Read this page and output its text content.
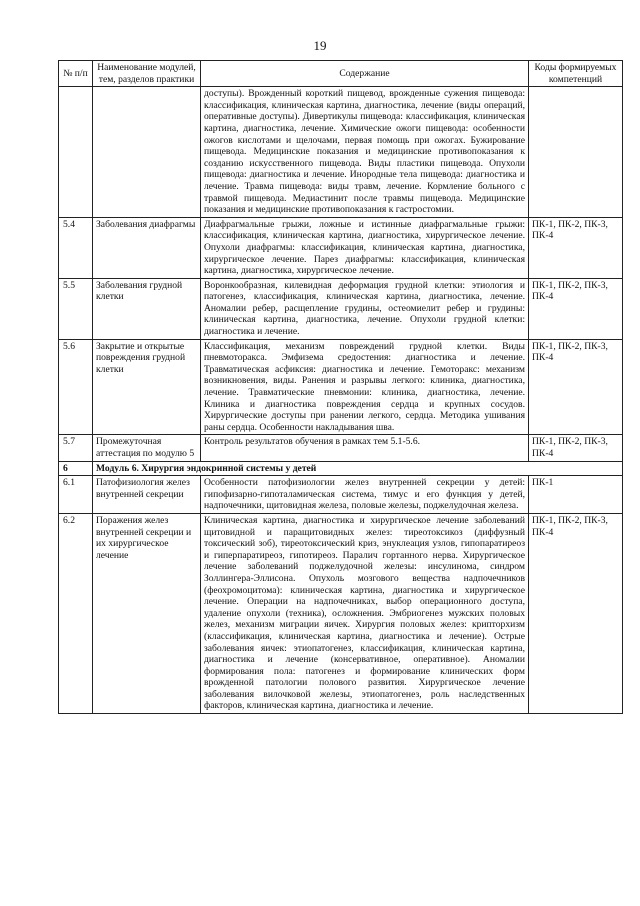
19
№ п/п	Наименование модулей, тем, разделов практики	Содержание	Коды формируемых компетенций
		доступы). Врожденный короткий пищевод, врожденные сужения пищевода: классификация, клиническая картина, диагностика, лечение (виды операций, оперативные доступы). Дивертикулы пищевода: классификация, клиническая картина, диагностика, лечение. Химические ожоги пищевода: особенности ожогов кислотами и щелочами, первая помощь при ожогах. Бужирование пищевода. Медицинские показания и медицинские противопоказания к созданию искусственного пищевода. Виды пластики пищевода. Опухоли пищевода: диагностика и лечение. Инородные тела пищевода: диагностика и лечение. Травма пищевода: виды травм, лечение. Кормление больного с травмой пищевода. Медиастинит после травмы пищевода. Медицинские показания и медицинские противопоказания к гастростомии.	
5.4	Заболевания диафрагмы	Диафрагмальные грыжи, ложные и истинные диафрагмальные грыжи: классификация, клиническая картина, диагностика, хирургическое лечение. Опухоли диафрагмы: классификация, клиническая картина, диагностика, хирургическое лечение. Парез диафрагмы: классификация, клиническая картина, диагностика, хирургическое лечение.	ПК-1, ПК-2, ПК-3, ПК-4
5.5	Заболевания грудной клетки	Воронкообразная, килевидная деформация грудной клетки: этиология и патогенез, классификация, клиническая картина, диагностика, лечение. Аномалии ребер, расщепление грудины, остеомиелит ребер и грудины: клиническая картина, диагностика, лечение. Опухоли грудной клетки: диагностика и лечение.	ПК-1, ПК-2, ПК-3, ПК-4
5.6	Закрытие и открытые повреждения грудной клетки	Классификация, механизм повреждений грудной клетки. Виды пневмоторакса. Эмфизема средостения: диагностика и лечение. Травматическая асфиксия: диагностика и лечение. Гемоторакс: механизм возникновения, виды. Ранения и разрывы легкого: клиника, диагностика, лечение. Травматические пневмонии: клиника, диагностика, лечение. Клиника и диагностика повреждения сердца и крупных сосудов. Хирургические доступы при ранении легкого, сердца. Методика ушивания раны сердца. Особенности накладывания шва.	ПК-1, ПК-2, ПК-3, ПК-4
5.7	Промежуточная аттестация по модулю 5	Контроль результатов обучения в рамках тем 5.1-5.6.	ПК-1, ПК-2, ПК-3, ПК-4
6	Модуль 6. Хирургия эндокринной системы у детей		
6.1	Патофизиология желез внутренней секреции	Особенности патофизиологии желез внутренней секреции у детей: гипофизарно-гипоталамическая система, тимус и его функция у детей, надпочечники, щитовидная железа, половые железы, поджелудочная железа.	ПК-1
6.2	Поражения желез внутренней секреции и их хирургическое лечение	Клиническая картина, диагностика и хирургическое лечение заболеваний щитовидной и паращитовидных желез: тиреотоксикоз (диффузный токсический зоб), тиреотоксический криз, энуклеация узлов, гипопаратиреоз и гиперпаратиреоз, гипотиреоз. Паралич гортанного нерва. Хирургическое лечение заболеваний поджелудочной железы: инсулинома, синдром Золлингера-Эллисона. Опухоль мозгового вещества надпочечников (феохромоцитома): клиническая картина, диагностика и хирургическое лечение. Операции на надпочечниках, выбор операционного доступа, удаление опухоли (техника), осложнения. Эмбриогенез мужских половых желез, механизм миграции яичек. Хирургия половых желез: крипторхизм (классификация, клиническая картина, диагностика и лечение). Острые заболевания яичек: этиопатогенез, классификация, клиническая картина, диагностика и лечение (консервативное, оперативное). Аномалии формирования пола: патогенез и формирование клинических форм врожденной патологии полового развития. Хирургическое лечение заболевания вилочковой железы, этиопатогенез, роль наследственных факторов, клиническая картина, диагностика и лечение.	ПК-1, ПК-2, ПК-3, ПК-4
